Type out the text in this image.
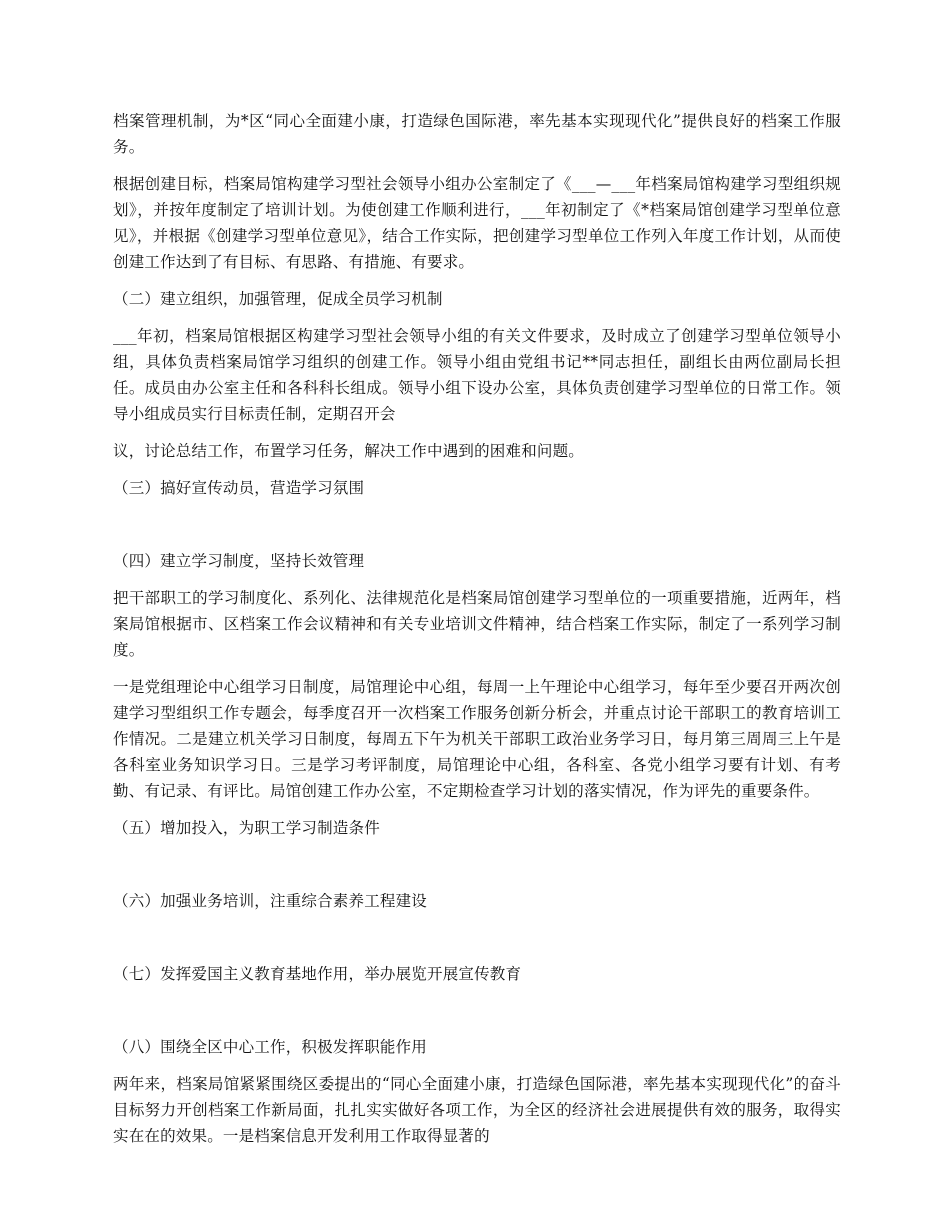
档案管理机制，为*区“同心全面建小康，打造绿色国际港，率先基本实现现代化”提供良好的档案工作服务。

根据创建目标，档案局馆构建学习型社会领导小组办公室制定了《___—___年档案局馆构建学习型组织规划》，并按年度制定了培训计划。为使创建工作顺利进行，___年初制定了《*档案局馆创建学习型单位意见》，并根据《创建学习型单位意见》，结合工作实际，把创建学习型单位工作列入年度工作计划，从而使创建工作达到了有目标、有思路、有措施、有要求。

（二）建立组织，加强管理，促成全员学习机制

___年初，档案局馆根据区构建学习型社会领导小组的有关文件要求，及时成立了创建学习型单位领导小组，具体负责档案局馆学习组织的创建工作。领导小组由党组书记**同志担任，副组长由两位副局长担任。成员由办公室主任和各科科长组成。领导小组下设办公室，具体负责创建学习型单位的日常工作。领导小组成员实行目标责任制，定期召开会

议，讨论总结工作，布置学习任务，解决工作中遇到的困难和问题。

（三）搞好宣传动员，营造学习氛围

（四）建立学习制度，坚持长效管理

把干部职工的学习制度化、系列化、法律规范化是档案局馆创建学习型单位的一项重要措施，近两年，档案局馆根据市、区档案工作会议精神和有关专业培训文件精神，结合档案工作实际，制定了一系列学习制度。

一是党组理论中心组学习日制度，局馆理论中心组，每周一上午理论中心组学习，每年至少要召开两次创建学习型组织工作专题会，每季度召开一次档案工作服务创新分析会，并重点讨论干部职工的教育培训工作情况。二是建立机关学习日制度，每周五下午为机关干部职工政治业务学习日，每月第三周周三上午是各科室业务知识学习日。三是学习考评制度，局馆理论中心组，各科室、各党小组学习要有计划、有考勤、有记录、有评比。局馆创建工作办公室，不定期检查学习计划的落实情况，作为评先的重要条件。

（五）增加投入，为职工学习制造条件

（六）加强业务培训，注重综合素养工程建设

（七）发挥爱国主义教育基地作用，举办展览开展宣传教育

（八）围绕全区中心工作，积极发挥职能作用

两年来，档案局馆紧紧围绕区委提出的“同心全面建小康，打造绿色国际港，率先基本实现现代化”的奋斗目标努力开创档案工作新局面，扎扎实实做好各项工作，为全区的经济社会进展提供有效的服务，取得实实在在的效果。一是档案信息开发利用工作取得显著的
